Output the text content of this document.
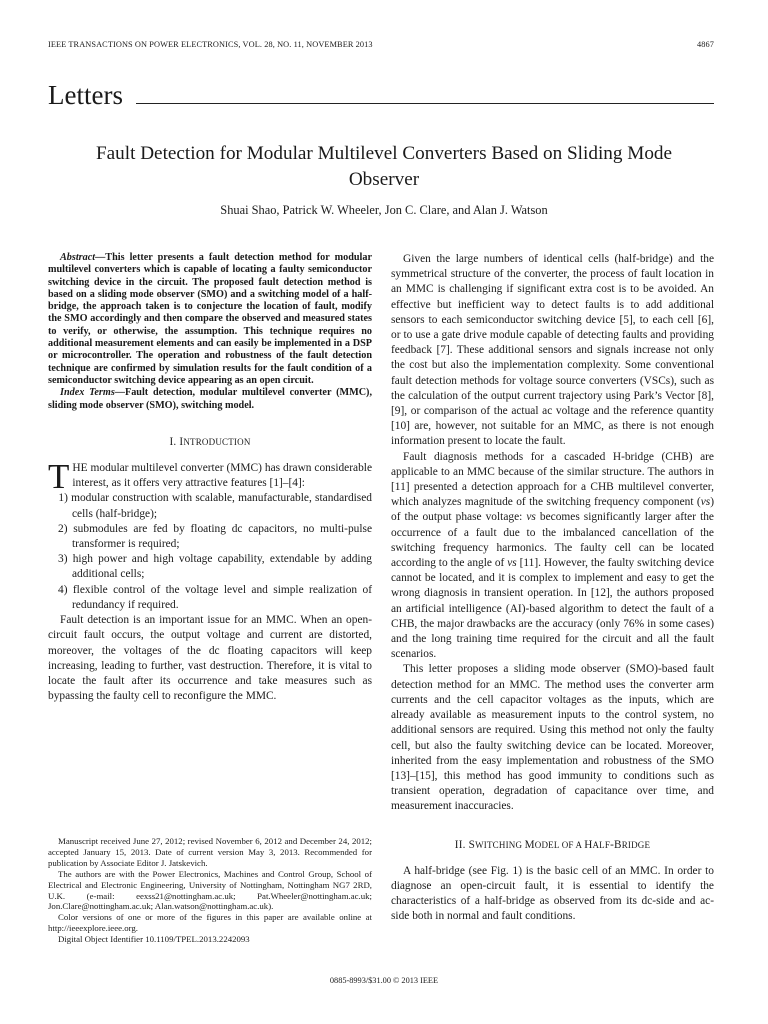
IEEE TRANSACTIONS ON POWER ELECTRONICS, VOL. 28, NO. 11, NOVEMBER 2013	4867
Letters
Fault Detection for Modular Multilevel Converters Based on Sliding Mode Observer
Shuai Shao, Patrick W. Wheeler, Jon C. Clare, and Alan J. Watson

Abstract—This letter presents a fault detection method for modular multilevel converters which is capable of locating a faulty semiconductor switching device in the circuit. The proposed fault detection method is based on a sliding mode observer (SMO) and a switching model of a half-bridge, the approach taken is to conjecture the location of fault, modify the SMO accordingly and then compare the observed and measured states to verify, or otherwise, the assumption. This technique requires no additional measurement elements and can easily be implemented in a DSP or microcontroller. The operation and robustness of the fault detection technique are confirmed by simulation results for the fault condition of a semiconductor switching device appearing as an open circuit.

Index Terms—Fault detection, modular multilevel converter (MMC), sliding mode observer (SMO), switching model.

I. INTRODUCTION

THE modular multilevel converter (MMC) has drawn considerable interest, as it offers very attractive features [1]–[4]:

1) modular construction with scalable, manufacturable, standardised cells (half-bridge);
2) submodules are fed by floating dc capacitors, no multi-pulse transformer is required;
3) high power and high voltage capability, extendable by adding additional cells;
4) flexible control of the voltage level and simple realization of redundancy if required.

Fault detection is an important issue for an MMC. When an open-circuit fault occurs, the output voltage and current are distorted, moreover, the voltages of the dc floating capacitors will keep increasing, leading to further, vast destruction. Therefore, it is vital to locate the fault after its occurrence and take measures such as bypassing the faulty cell to reconfigure the MMC.

Manuscript received June 27, 2012; revised November 6, 2012 and December 24, 2012; accepted January 15, 2013. Date of current version May 3, 2013. Recommended for publication by Associate Editor J. Jatskevich.

The authors are with the Power Electronics, Machines and Control Group, School of Electrical and Electronic Engineering, University of Nottingham, Nottingham NG7 2RD, U.K. (e-mail: eexss21@nottingham.ac.uk; Pat.Wheeler@nottingham.ac.uk; Jon.Clare@nottingham.ac.uk; Alan.watson@nottingham.ac.uk).

Color versions of one or more of the figures in this paper are available online at http://ieeexplore.ieee.org.

Digital Object Identifier 10.1109/TPEL.2013.2242093

Given the large numbers of identical cells (half-bridge) and the symmetrical structure of the converter, the process of fault location in an MMC is challenging if significant extra cost is to be avoided. An effective but inefficient way to detect faults is to add additional sensors to each semiconductor switching device [5], to each cell [6], or to use a gate drive module capable of detecting faults and providing feedback [7]. These additional sensors and signals increase not only the cost but also the implementation complexity. Some conventional fault detection methods for voltage source converters (VSCs), such as the calculation of the output current trajectory using Park’s Vector [8], [9], or comparison of the actual ac voltage and the reference quantity [10] are, however, not suitable for an MMC, as there is not enough information present to locate the fault.

Fault diagnosis methods for a cascaded H-bridge (CHB) are applicable to an MMC because of the similar structure. The authors in [11] presented a detection approach for a CHB multilevel converter, which analyzes magnitude of the switching frequency component (vs) of the output phase voltage: vs becomes significantly larger after the occurrence of a fault due to the imbalanced cancellation of the switching frequency harmonics. The faulty cell can be located according to the angle of vs [11]. However, the faulty switching device cannot be located, and it is complex to implement and easy to get the wrong diagnosis in transient operation. In [12], the authors proposed an artificial intelligence (AI)-based algorithm to detect the fault of a CHB, the major drawbacks are the accuracy (only 76% in some cases) and the long training time required for the circuit and all the fault scenarios.

This letter proposes a sliding mode observer (SMO)-based fault detection method for an MMC. The method uses the converter arm currents and the cell capacitor voltages as the inputs, which are already available as measurement inputs to the control system, no additional sensors are required. Using this method not only the faulty cell, but also the faulty switching device can be located. Moreover, inherited from the easy implementation and robustness of the SMO [13]–[15], this method has good immunity to conditions such as transient operation, degradation of capacitance over time, and measurement inaccuracies.

II. SWITCHING MODEL OF A HALF-BRIDGE

A half-bridge (see Fig. 1) is the basic cell of an MMC. In order to diagnose an open-circuit fault, it is essential to identify the characteristics of a half-bridge as observed from its dc-side and ac-side both in normal and fault conditions.

0885-8993/$31.00 © 2013 IEEE
